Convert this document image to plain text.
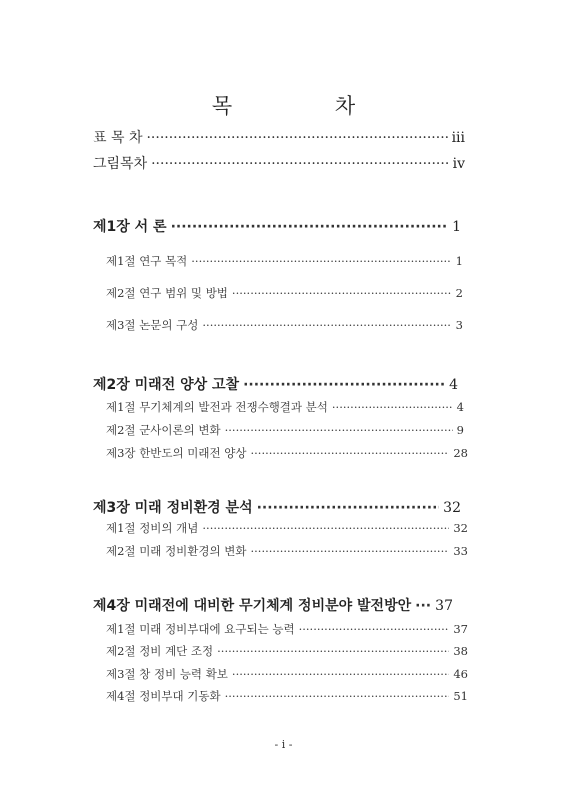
목 차
표 목 차 ·····	iii
그림목차 ·····	iv
제1장 서 론 ·····	1
제1절 연구 목적 ·····	1
제2절 연구 범위 및 방법 ·····	2
제3절 논문의 구성 ·····	3
제2장 미래전 양상 고찰 ·····	4
제1절 무기체계의 발전과 전쟁수행결과 분석 ·····	4
제2절 군사이론의 변화 ·····	9
제3장 한반도의 미래전 양상 ·····	28
제3장 미래 정비환경 분석 ·····	32
제1절 정비의 개념 ·····	32
제2절 미래 정비환경의 변화 ·····	33
제4장 미래전에 대비한 무기체계 정비분야 발전방안 ····· 37
제1절 미래 정비부대에 요구되는 능력 ·····	37
제2절 정비 계단 조정 ·····	38
제3절 창 정비 능력 확보 ·····	46
제4절 정비부대 기동화 ·····	51
- i -
